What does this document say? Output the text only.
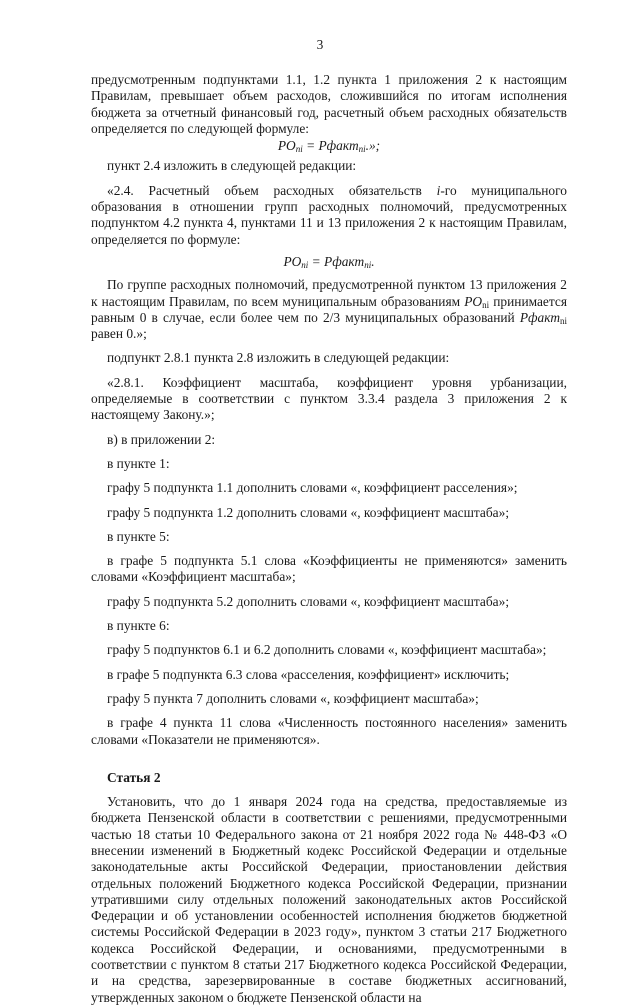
3

предусмотренным подпунктами 1.1, 1.2 пункта 1 приложения 2 к настоящим Правилам, превышает объем расходов, сложившийся по итогам исполнения бюджета за отчетный финансовый год, расчетный объем расходных обязательств определяется по следующей формуле:

$PO_{ni}$ = Pфакт$_{ni}$.»;

пункт 2.4 изложить в следующей редакции:

«2.4. Расчетный объем расходных обязательств i-го муниципального образования в отношении групп расходных полномочий, предусмотренных подпунктом 4.2 пункта 4, пунктами 11 и 13 приложения 2 к настоящим Правилам, определяется по формуле:

$PO_{ni}$ = Pфакт$_{ni}$.

По группе расходных полномочий, предусмотренной пунктом 13 приложения 2 к настоящим Правилам, по всем муниципальным образованиям $PO_{ni}$ принимается равным 0 в случае, если более чем по 2/3 муниципальных образований Pфакт$_{ni}$ равен 0.»;

подпункт 2.8.1 пункта 2.8 изложить в следующей редакции:

«2.8.1. Коэффициент масштаба, коэффициент уровня урбанизации, определяемые в соответствии с пунктом 3.3.4 раздела 3 приложения 2 к настоящему Закону.»;

в) в приложении 2:

в пункте 1:

графу 5 подпункта 1.1 дополнить словами «, коэффициент расселения»;

графу 5 подпункта 1.2 дополнить словами «, коэффициент масштаба»;

в пункте 5:

в графе 5 подпункта 5.1 слова «Коэффициенты не применяются» заменить словами «Коэффициент масштаба»;

графу 5 подпункта 5.2 дополнить словами «, коэффициент масштаба»;

в пункте 6:

графу 5 подпунктов 6.1 и 6.2 дополнить словами «, коэффициент масштаба»;

в графе 5 подпункта 6.3 слова «расселения, коэффициент» исключить;

графу 5 пункта 7 дополнить словами «, коэффициент масштаба»;

в графе 4 пункта 11 слова «Численность постоянного населения» заменить словами «Показатели не применяются».

Статья 2

Установить, что до 1 января 2024 года на средства, предоставляемые из бюджета Пензенской области в соответствии с решениями, предусмотренными частью 18 статьи 10 Федерального закона от 21 ноября 2022 года № 448-ФЗ «О внесении изменений в Бюджетный кодекс Российской Федерации и отдельные законодательные акты Российской Федерации, приостановлении действия отдельных положений Бюджетного кодекса Российской Федерации, признании утратившими силу отдельных положений законодательных актов Российской Федерации и об установлении особенностей исполнения бюджетов бюджетной системы Российской Федерации в 2023 году», пунктом 3 статьи 217 Бюджетного кодекса Российской Федерации, и основаниями, предусмотренными в соответствии с пунктом 8 статьи 217 Бюджетного кодекса Российской Федерации, и на средства, зарезервированные в составе бюджетных ассигнований, утвержденных законом о бюджете Пензенской области на
